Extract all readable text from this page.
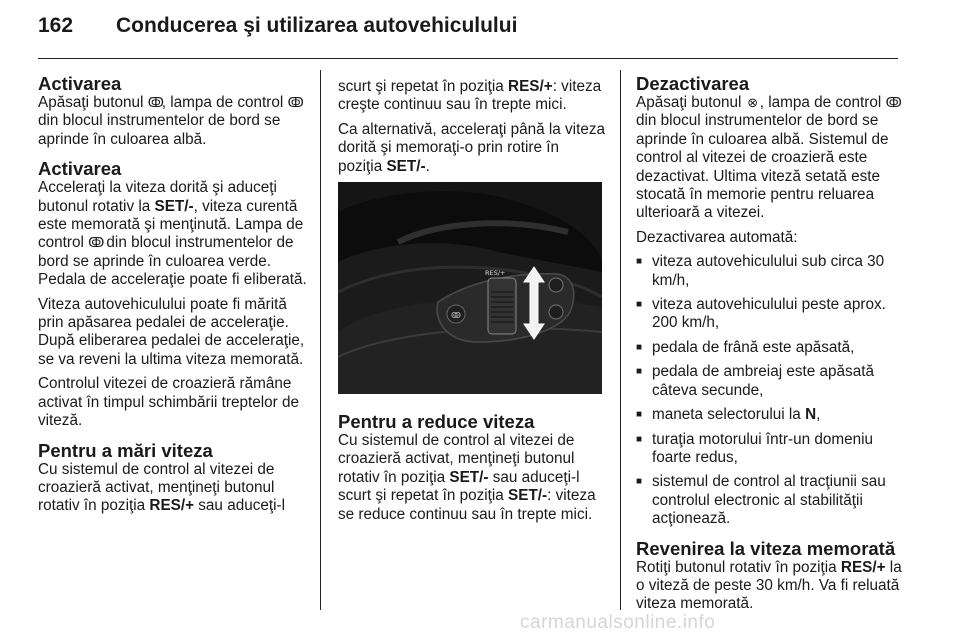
162 Conducerea şi utilizarea autovehiculului
Activarea

Apăsaţi butonul ↂ, lampa de control ↂ din blocul instrumentelor de bord se aprinde în culoarea albă.

Activarea

Acceleraţi la viteza dorită şi aduceţi butonul rotativ la SET/-, viteza curentă este memorată şi menţinută. Lampa de control ↂ din blocul instrumentelor de bord se aprinde în culoarea verde. Pedala de acceleraţie poate fi eliberată.

Viteza autovehiculului poate fi mărită prin apăsarea pedalei de acceleraţie. După eliberarea pedalei de acceleraţie, se va reveni la ultima viteza memorată.

Controlul vitezei de croazieră rămâne activat în timpul schimbării treptelor de viteză.

Pentru a mări viteza

Cu sistemul de control al vitezei de croazieră activat, menţineţi butonul rotativ în poziţia RES/+ sau aduceţi-l

scurt şi repetat în poziţia RES/+: viteza creşte continuu sau în trepte mici.

Ca alternativă, acceleraţi până la viteza dorită şi memoraţi-o prin rotire în poziţia SET/-.

ↂ
RES/+
Pentru a reduce viteza

Cu sistemul de control al vitezei de croazieră activat, menţineţi butonul rotativ în poziţia SET/- sau aduceţi-l scurt şi repetat în poziţia SET/-: viteza se reduce continuu sau în trepte mici.

Dezactivarea

Apăsaţi butonul ⊗ , lampa de control ↂ din blocul instrumentelor de bord se aprinde în culoarea albă. Sistemul de control al vitezei de croazieră este dezactivat. Ultima viteză setată este stocată în memorie pentru reluarea ulterioară a vitezei.

Dezactivarea automată:

■ viteza autovehiculului sub circa 30 km/h,
■ viteza autovehiculului peste aprox. 200 km/h,
■ pedala de frână este apăsată,
■ pedala de ambreiaj este apăsată câteva secunde,
■ maneta selectorului la N,
■ turaţia motorului într-un domeniu foarte redus,
■ sistemul de control al tracţiunii sau controlul electronic al stabilităţii acţionează.
Revenirea la viteza memorată

Rotiţi butonul rotativ în poziţia RES/+ la o viteză de peste 30 km/h. Va fi reluată viteza memorată.

carmanualsonline.info
